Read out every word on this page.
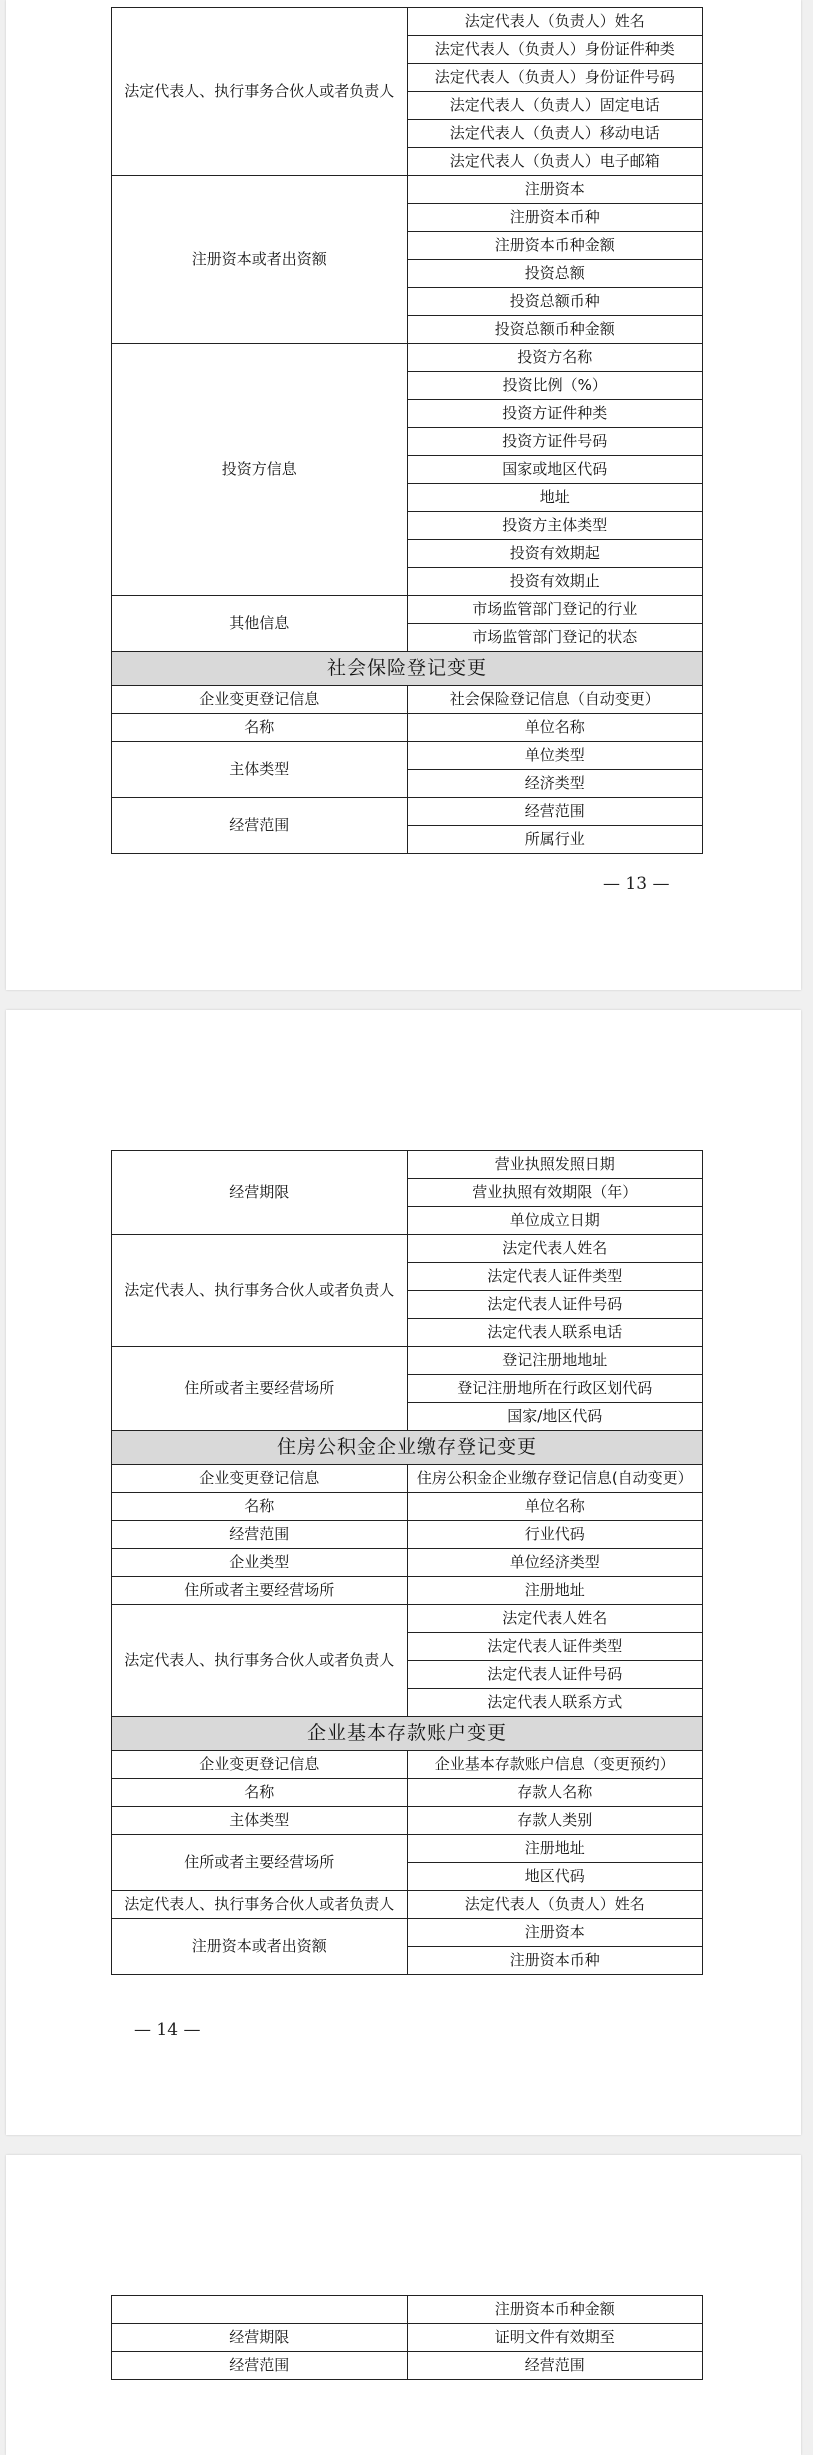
法定代表人、执行事务合伙人或者负责人	法定代表人（负责人）姓名
	法定代表人（负责人）身份证件种类
	法定代表人（负责人）身份证件号码
	法定代表人（负责人）固定电话
	法定代表人（负责人）移动电话
	法定代表人（负责人）电子邮箱
注册资本或者出资额	注册资本
	注册资本币种
	注册资本币种金额
	投资总额
	投资总额币种
	投资总额币种金额
投资方信息	投资方名称
	投资比例（%）
	投资方证件种类
	投资方证件号码
	国家或地区代码
	地址
	投资方主体类型
	投资有效期起
	投资有效期止
其他信息	市场监管部门登记的行业
	市场监管部门登记的状态
社会保险登记变更	
企业变更登记信息	社会保险登记信息（自动变更）
名称	单位名称
主体类型	单位类型
	经济类型
经营范围	经营范围
	所属行业
— 13 —
经营期限	营业执照发照日期
	营业执照有效期限（年）
	单位成立日期
法定代表人、执行事务合伙人或者负责人	法定代表人姓名
	法定代表人证件类型
	法定代表人证件号码
	法定代表人联系电话
住所或者主要经营场所	登记注册地地址
	登记注册地所在行政区划代码
	国家/地区代码
住房公积金企业缴存登记变更	
企业变更登记信息	住房公积金企业缴存登记信息(自动变更）
名称	单位名称
经营范围	行业代码
企业类型	单位经济类型
住所或者主要经营场所	注册地址
法定代表人、执行事务合伙人或者负责人	法定代表人姓名
	法定代表人证件类型
	法定代表人证件号码
	法定代表人联系方式
企业基本存款账户变更	
企业变更登记信息	企业基本存款账户信息（变更预约）
名称	存款人名称
主体类型	存款人类别
住所或者主要经营场所	注册地址
	地区代码
法定代表人、执行事务合伙人或者负责人	法定代表人（负责人）姓名
注册资本或者出资额	注册资本
	注册资本币种
— 14 —
	注册资本币种金额
经营期限	证明文件有效期至
经营范围	经营范围
